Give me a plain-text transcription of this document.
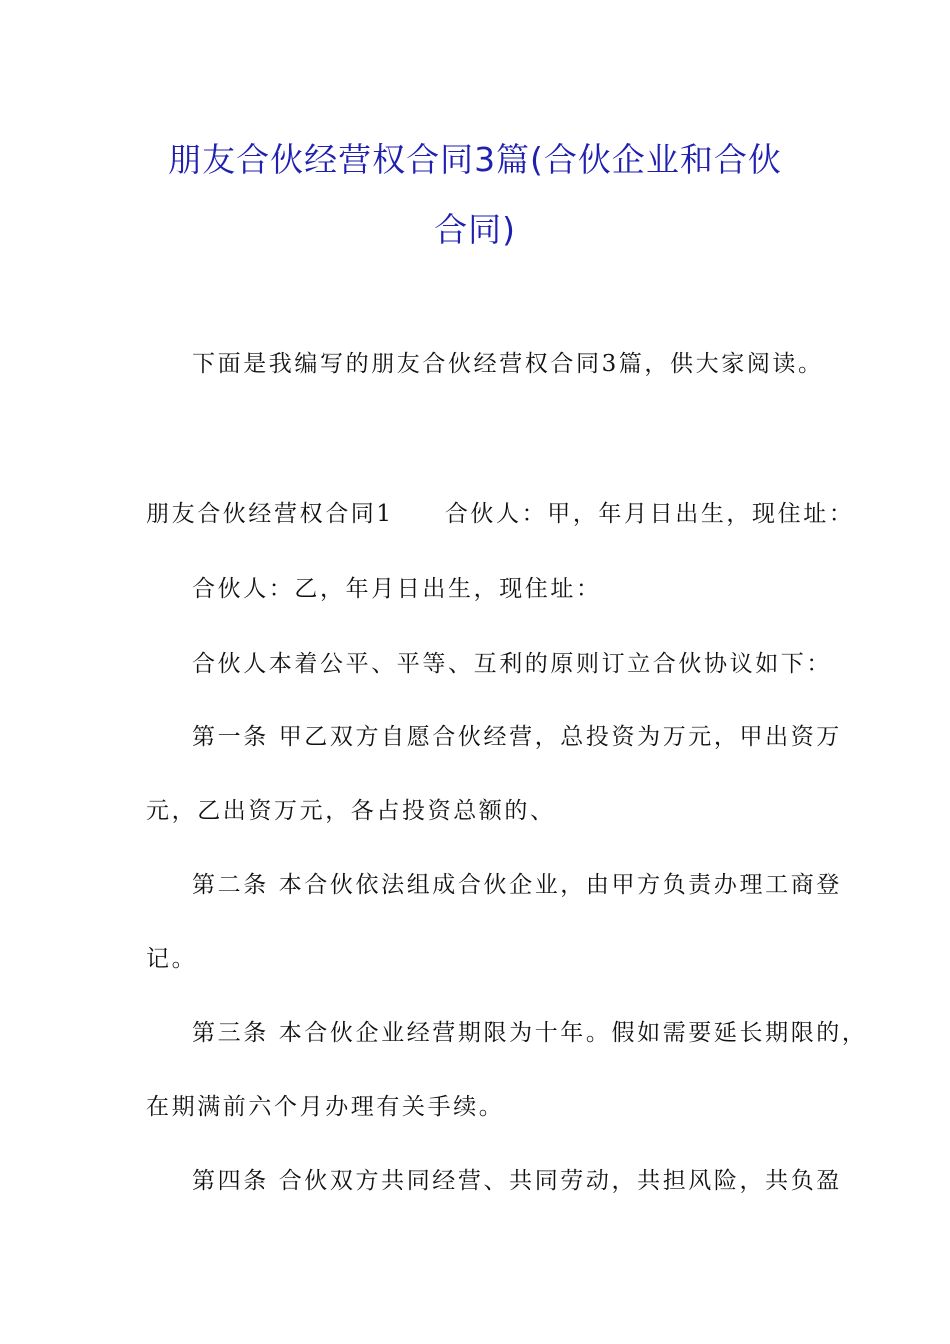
朋友合伙经营权合同3篇(合伙企业和合伙
合同)
下面是我编写的朋友合伙经营权合同3篇，供大家阅读。
朋友合伙经营权合同1　　合伙人：甲，年月日出生，现住址：
合伙人：乙，年月日出生，现住址：
合伙人本着公平、平等、互利的原则订立合伙协议如下：
第一条 甲乙双方自愿合伙经营，总投资为万元，甲出资万
元，乙出资万元，各占投资总额的、
第二条 本合伙依法组成合伙企业，由甲方负责办理工商登
记。
第三条 本合伙企业经营期限为十年。假如需要延长期限的，
在期满前六个月办理有关手续。
第四条 合伙双方共同经营、共同劳动，共担风险，共负盈
